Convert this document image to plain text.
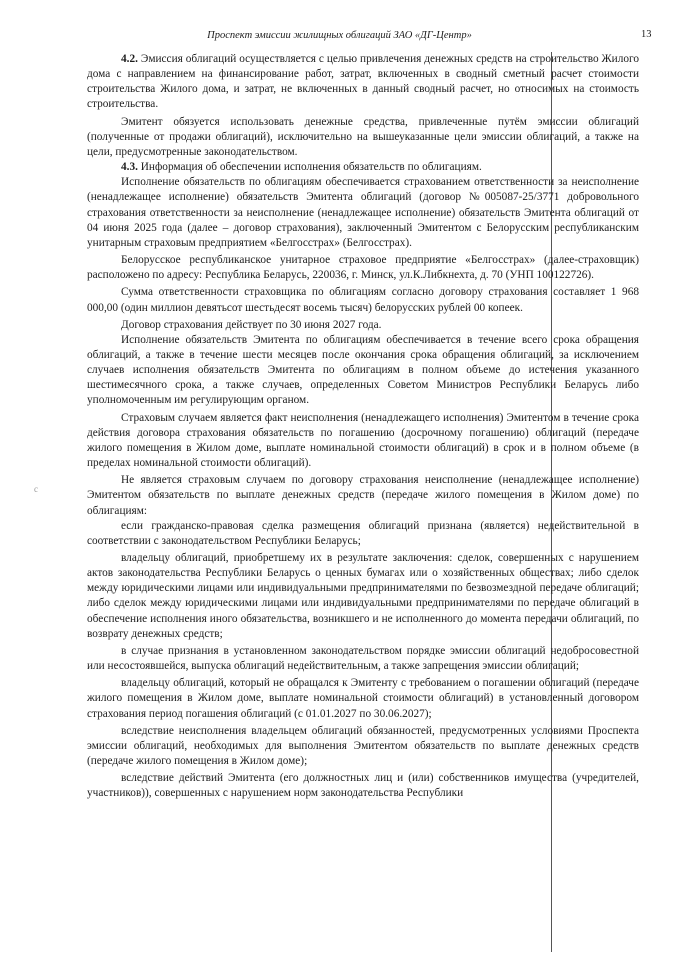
Проспект эмиссии жилищных облигаций ЗАО «ДГ-Центр»	13
с

4.2. Эмиссия облигаций осуществляется с целью привлечения денежных средств на строительство Жилого дома с направлением на финансирование работ, затрат, включенных в сводный сметный расчет стоимости строительства Жилого дома, и затрат, не включенных в данный сводный расчет, но относимых на стоимость строительства.

Эмитент обязуется использовать денежные средства, привлеченные путём эмиссии облигаций (полученные от продажи облигаций), исключительно на вышеуказанные цели эмиссии облигаций, а также на цели, предусмотренные законодательством.

4.3. Информация об обеспечении исполнения обязательств по облигациям.

Исполнение обязательств по облигациям обеспечивается страхованием ответственности за неисполнение (ненадлежащее исполнение) обязательств Эмитента облигаций (договор №005087-25/3771 добровольного страхования ответственности за неисполнение (ненадлежащее исполнение) обязательств Эмитента облигаций от 04 июня 2025 года (далее – договор страхования), заключенный Эмитентом с Белорусским республиканским унитарным страховым предприятием «Белгосстрах» (Белгосстрах).

Белорусское республиканское унитарное страховое предприятие «Белгосстрах» (далее-страховщик) расположено по адресу: Республика Беларусь, 220036, г. Минск, ул.К.Либкнехта, д. 70 (УНП 100122726).

Сумма ответственности страховщика по облигациям согласно договору страхования составляет 1 968 000,00 (один миллион девятьсот шестьдесят восемь тысяч) белорусских рублей 00 копеек.

Договор страхования действует по 30 июня 2027 года.

Исполнение обязательств Эмитента по облигациям обеспечивается в течение всего срока обращения облигаций, а также в течение шести месяцев после окончания срока обращения облигаций, за исключением случаев исполнения обязательств Эмитента по облигациям в полном объеме до истечения указанного шестимесячного срока, а также случаев, определенных Советом Министров Республики Беларусь либо уполномоченным им регулирующим органом.

Страховым случаем является факт неисполнения (ненадлежащего исполнения) Эмитентом в течение срока действия договора страхования обязательств по погашению (досрочному погашению) облигаций (передаче жилого помещения в Жилом доме, выплате номинальной стоимости облигаций) в срок и в полном объеме (в пределах номинальной стоимости облигаций).

Не является страховым случаем по договору страхования неисполнение (ненадлежащее исполнение) Эмитентом обязательств по выплате денежных средств (передаче жилого помещения в Жилом доме) по облигациям:

если гражданско-правовая сделка размещения облигаций признана (является) недействительной в соответствии с законодательством Республики Беларусь;

владельцу облигаций, приобретшему их в результате заключения: сделок, совершенных с нарушением актов законодательства Республики Беларусь о ценных бумагах или о хозяйственных обществах; либо сделок между юридическими лицами или индивидуальными предпринимателями по безвозмездной передаче облигаций; либо сделок между юридическими лицами или индивидуальными предпринимателями по передаче облигаций в обеспечение исполнения иного обязательства, возникшего и не исполненного до момента передачи облигаций, по возврату денежных средств;

в случае признания в установленном законодательством порядке эмиссии облигаций недобросовестной или несостоявшейся, выпуска облигаций недействительным, а также запрещения эмиссии облигаций;

владельцу облигаций, который не обращался к Эмитенту с требованием о погашении облигаций (передаче жилого помещения в Жилом доме, выплате номинальной стоимости облигаций) в установленный договором страхования период погашения облигаций (с 01.01.2027 по 30.06.2027);

вследствие неисполнения владельцем облигаций обязанностей, предусмотренных условиями Проспекта эмиссии облигаций, необходимых для выполнения Эмитентом обязательств по выплате денежных средств (передаче жилого помещения в Жилом доме);

вследствие действий Эмитента (его должностных лиц и (или) собственников имущества (учредителей, участников)), совершенных с нарушением норм законодательства Республики
